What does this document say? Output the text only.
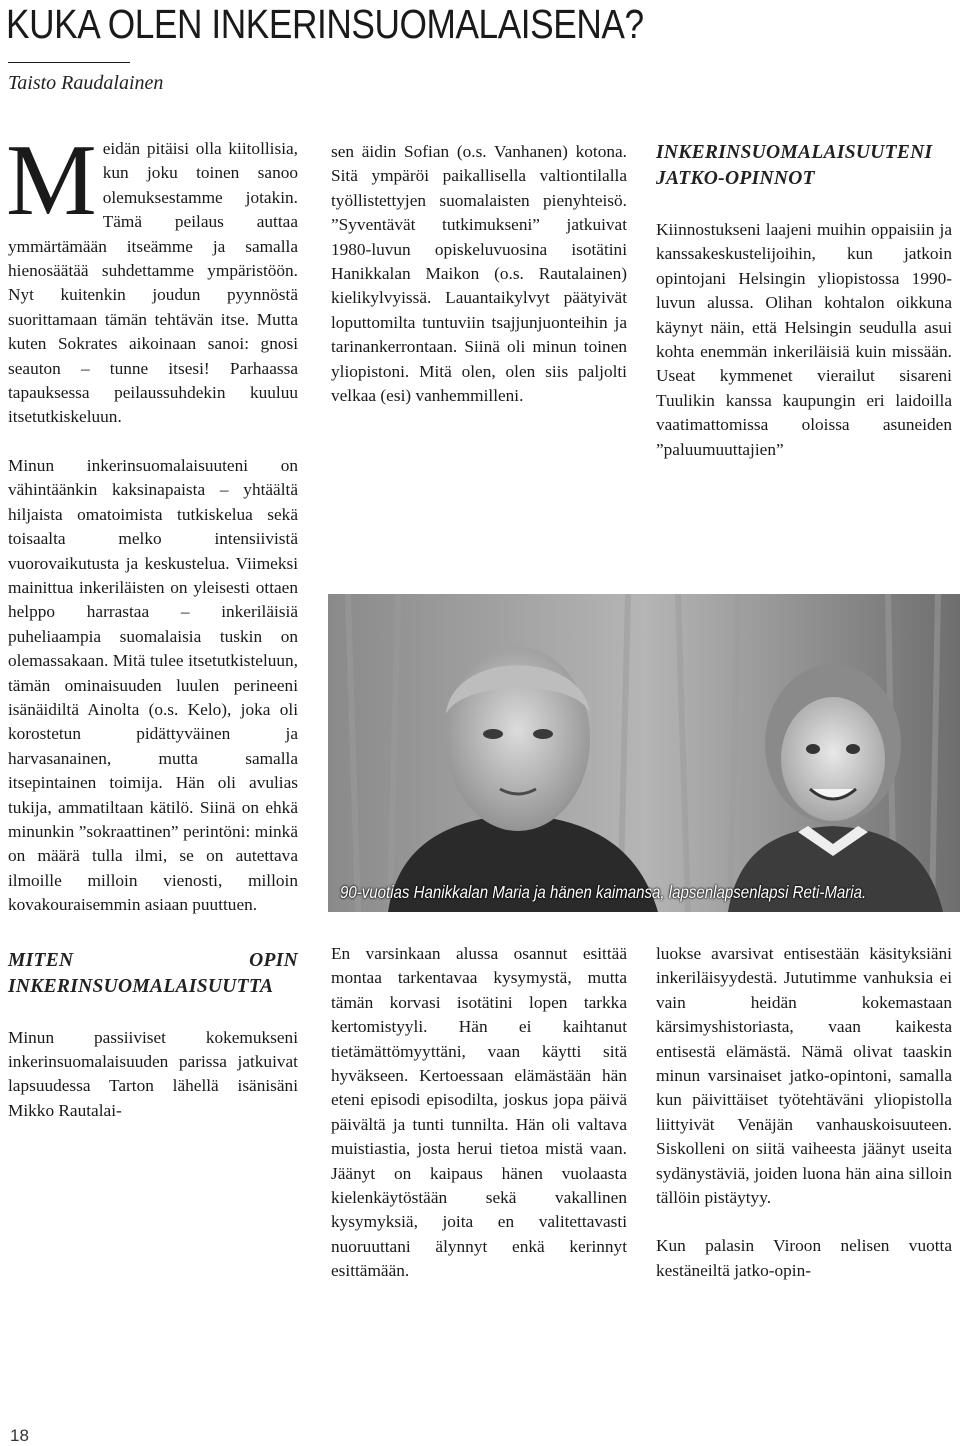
KUKA OLEN INKERINSUOMALAISENA?
Taisto Raudalainen

Meidän pitäisi olla kiitollisia, kun joku toinen sanoo olemuksestamme jotakin. Tämä peilaus auttaa ymmärtämään itseämme ja samalla hienosäätää suhdettamme ympäristöön. Nyt kuitenkin joudun pyynnöstä suorittamaan tämän tehtävän itse. Mutta kuten Sokrates aikoinaan sanoi: gnosi seauton – tunne itsesi! Parhaassa tapauksessa peilaussuhdekin kuuluu itsetutkiskeluun.

Minun inkerinsuomalaisuuteni on vähintäänkin kaksinapaista – yhtäältä hiljaista omatoimista tutkiskelua sekä toisaalta melko intensiivistä vuorovaikutusta ja keskustelua. Viimeksi mainittua inkeriläisten on yleisesti ottaen helppo harrastaa – inkeriläisiä puheliaampia suomalaisia tuskin on olemassakaan. Mitä tulee itsetutkisteluun, tämän ominaisuuden luulen perineeni isänäidiltä Ainolta (o.s. Kelo), joka oli korostetun pidättyväinen ja harvasanainen, mutta samalla itsepintainen toimija. Hän oli avulias tukija, ammatiltaan kätilö. Siinä on ehkä minunkin ”sokraattinen” perintöni: minkä on määrä tulla ilmi, se on autettava ilmoille milloin vienosti, milloin kovakouraisemmin asiaan puuttuen.

MITEN OPIN INKERINSUOMALAISUUTTA

Minun passiiviset kokemukseni inkerinsuomalaisuuden parissa jatkuivat lapsuudessa Tarton lähellä isänisäni Mikko Rautalai-

sen äidin Sofian (o.s. Vanhanen) kotona. Sitä ympäröi paikallisella valtiontilalla työllistettyjen suomalaisten pienyhteisö. ”Syventävät tutkimukseni” jatkuivat 1980-luvun opiskeluvuosina isotätini Hanikkalan Maikon (o.s. Rautalainen) kielikylvyissä. Lauantaikylvyt päätyivät loputtomilta tuntuviin tsajjunjuonteihin ja tarinankerrontaan. Siinä oli minun toinen yliopistoni. Mitä olen, olen siis paljolti velkaa (esi) vanhemmilleni.

INKERINSUOMALAISUUTENI JATKO-OPINNOT

Kiinnostukseni laajeni muihin oppaisiin ja kanssakeskustelijoihin, kun jatkoin opintojani Helsingin yliopistossa 1990-luvun alussa. Olihan kohtalon oikkuna käynyt näin, että Helsingin seudulla asui kohta enemmän inkeriläisiä kuin missään. Useat kymmenet vierailut sisareni Tuulikin kanssa kaupungin eri laidoilla vaatimattomissa oloissa asuneiden ”paluumuuttajien”

90-vuotias Hanikkalan Maria ja hänen kaimansa, lapsenlapsenlapsi Reti-Maria.

En varsinkaan alussa osannut esittää montaa tarkentavaa kysymystä, mutta tämän korvasi isotätini lopen tarkka kertomistyyli. Hän ei kaihtanut tietämättömyyttäni, vaan käytti sitä hyväkseen. Kertoessaan elämästään hän eteni episodi episodilta, joskus jopa päivä päivältä ja tunti tunnilta. Hän oli valtava muistiastia, josta herui tietoa mistä vaan. Jäänyt on kaipaus hänen vuolaasta kielenkäytöstään sekä vakallinen kysymyksiä, joita en valitettavasti nuoruuttani älynnyt enkä kerinnyt esittämään.

luokse avarsivat entisestään käsityksiäni inkeriläisyydestä. Jututimme vanhuksia ei vain heidän kokemastaan kärsimyshistoriasta, vaan kaikesta entisestä elämästä. Nämä olivat taaskin minun varsinaiset jatko-opintoni, samalla kun päivittäiset työtehtäväni yliopistolla liittyivät Venäjän vanhauskoisuuteen. Siskolleni on siitä vaiheesta jäänyt useita sydänystäviä, joiden luona hän aina silloin tällöin pistäytyy.

Kun palasin Viroon nelisen vuotta kestäneiltä jatko-opin-

18
